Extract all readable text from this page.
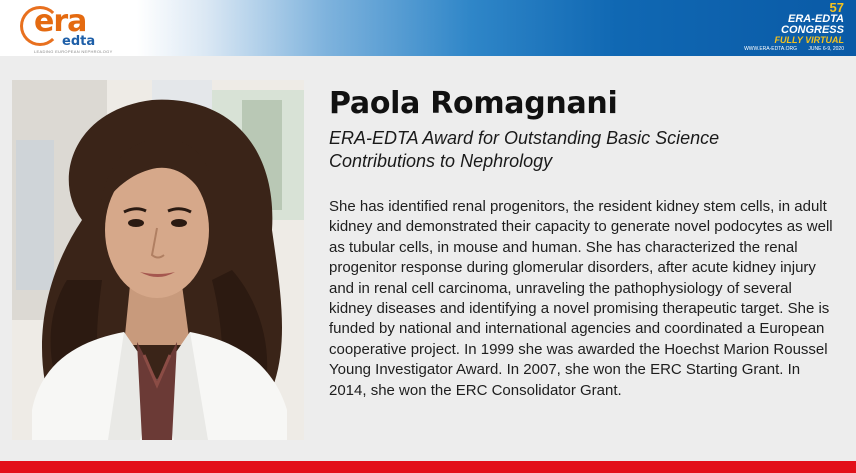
era
edta
LEADING EUROPEAN NEPHROLOGY
57
ERA-EDTA
CONGRESS
FULLY VIRTUAL
WWW.ERA-EDTA.ORG JUNE 6-9, 2020
Paola Romagnani
ERA-EDTA Award for Outstanding Basic Science Contributions to Nephrology
She has identified renal progenitors, the resident kidney stem cells, in adult kidney and demonstrated their capacity to generate novel podocytes as well as tubular cells, in mouse and human. She has characterized the renal progenitor response during glomerular disorders, after acute kidney injury and in renal cell carcinoma, unraveling the pathophysiology of several kidney diseases and identifying a novel promising therapeutic target. She is funded by national and international agencies and coordinated a European cooperative project. In 1999 she was awarded the Hoechst Marion Roussel Young Investigator Award. In 2007, she won the ERC Starting Grant. In 2014, she won the ERC Consolidator Grant.
